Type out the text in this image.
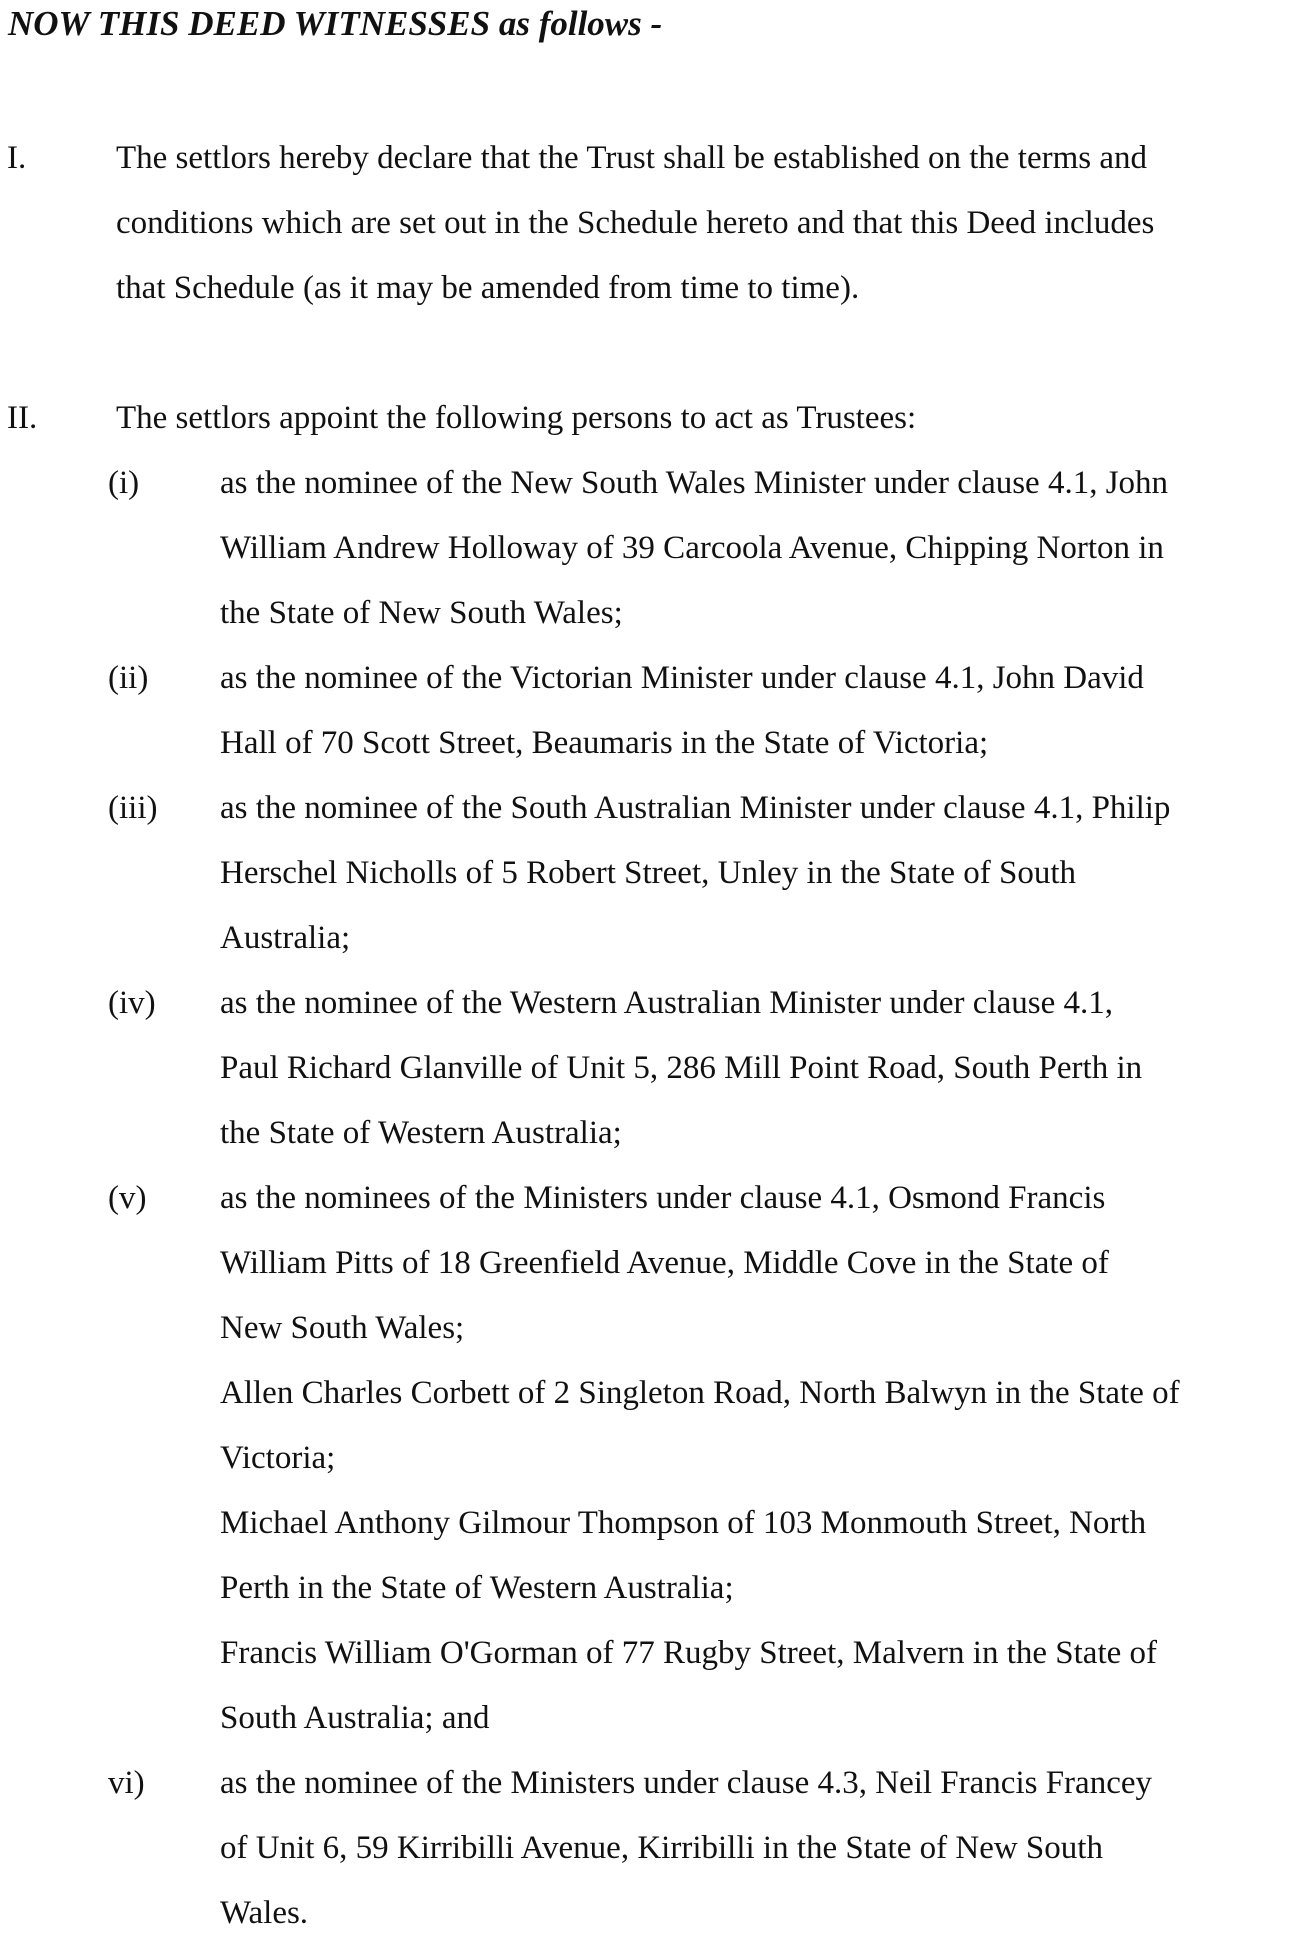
NOW THIS DEED WITNESSES as follows -
I.	The settlors hereby declare that the Trust shall be established on the terms and
conditions which are set out in the Schedule hereto and that this Deed includes
that Schedule (as it may be amended from time to time).
II. The settlors appoint the following persons to act as Trustees:
(i) as the nominee of the New South Wales Minister under clause 4.1, John
William Andrew Holloway of 39 Carcoola Avenue, Chipping Norton in
the State of New South Wales;
(ii) as the nominee of the Victorian Minister under clause 4.1, John David
Hall of 70 Scott Street, Beaumaris in the State of Victoria;
(iii) as the nominee of the South Australian Minister under clause 4.1, Philip
Herschel Nicholls of 5 Robert Street, Unley in the State of South
Australia;
(iv) as the nominee of the Western Australian Minister under clause 4.1,
Paul Richard Glanville of Unit 5, 286 Mill Point Road, South Perth in
the State of Western Australia;
(v) as the nominees of the Ministers under clause 4.1, Osmond Francis
William Pitts of 18 Greenfield Avenue, Middle Cove in the State of
New South Wales;
Allen Charles Corbett of 2 Singleton Road, North Balwyn in the State of
Victoria;
Michael Anthony Gilmour Thompson of 103 Monmouth Street, North
Perth in the State of Western Australia;
Francis William O'Gorman of 77 Rugby Street, Malvern in the State of
South Australia; and
vi) as the nominee of the Ministers under clause 4.3, Neil Francis Francey
of Unit 6, 59 Kirribilli Avenue, Kirribilli in the State of New South
Wales.
